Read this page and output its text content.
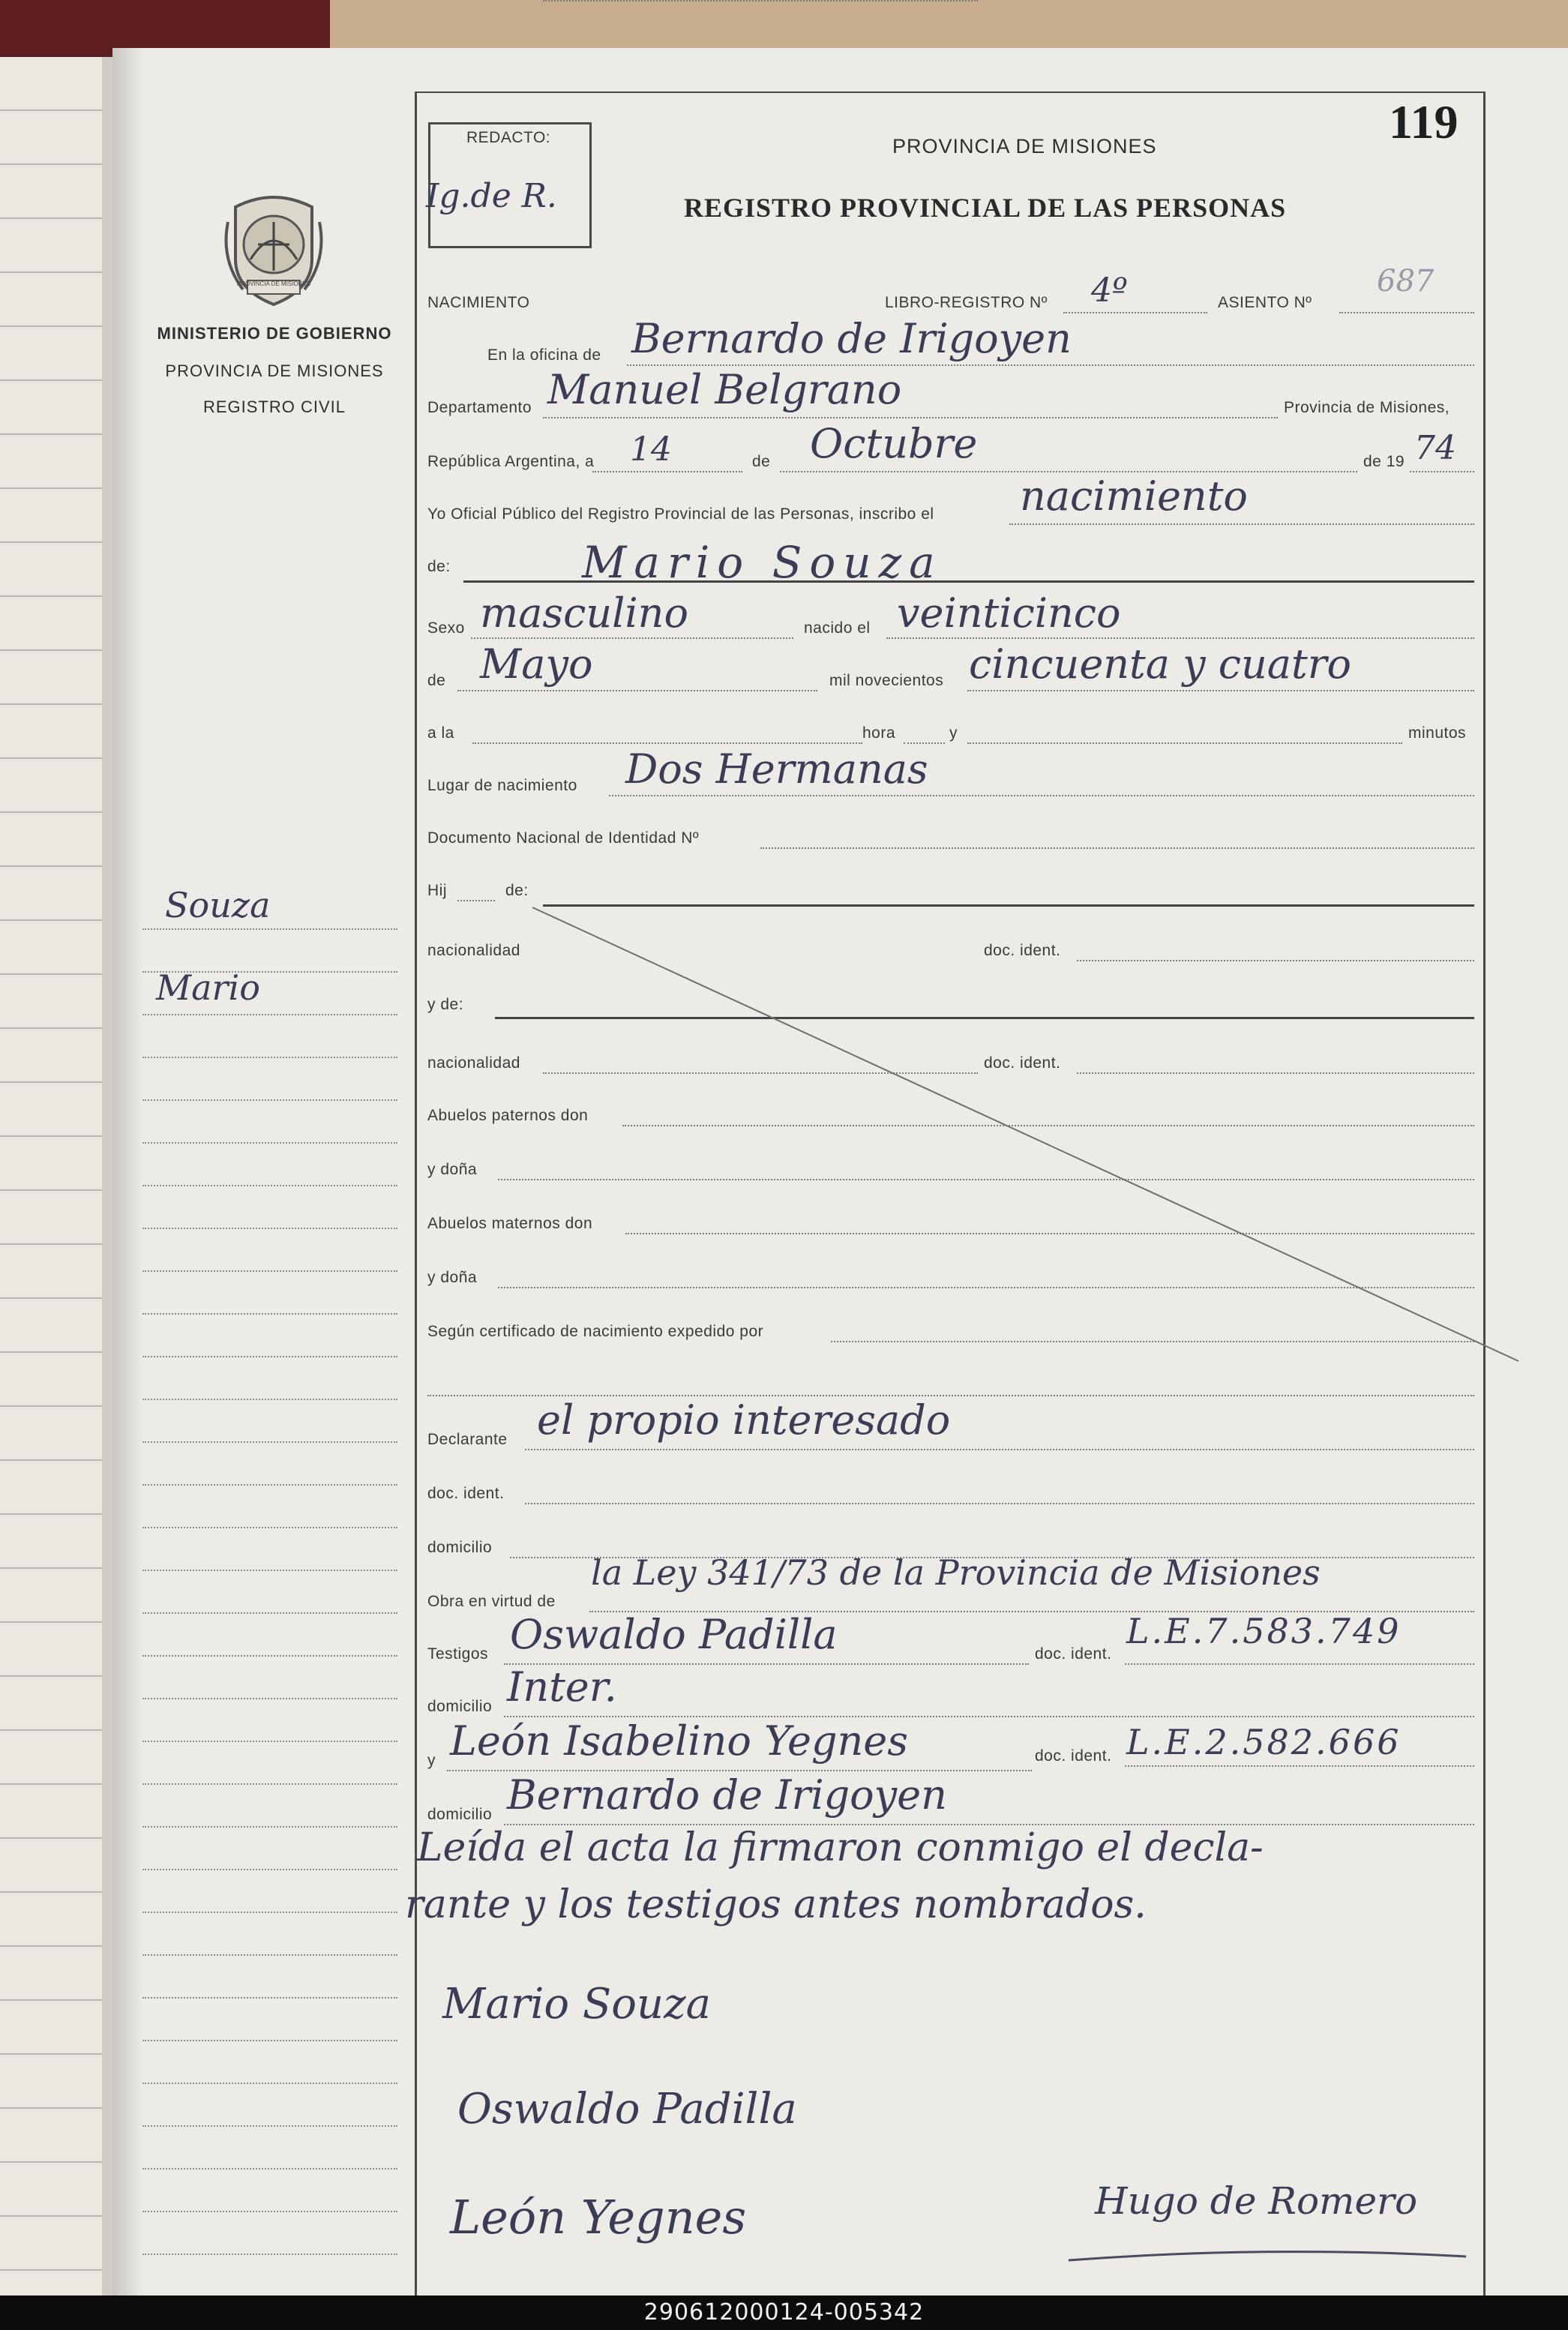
Souza
Mario
PROVINCIA DE MISIONES
MINISTERIO DE GOBIERNO
PROVINCIA DE MISIONES
REGISTRO CIVIL
REDACTO:
Ig.de R.
PROVINCIA DE MISIONES
REGISTRO PROVINCIAL DE LAS PERSONAS
119
NACIMIENTO	LIBRO-REGISTRO Nº 4º	ASIENTO Nº
687
En la oficina de Bernardo de Irigoyen
Departamento Manuel Belgrano	Provincia de Misiones,
República Argentina, a 14	de Octubre	de 19 74
Yo Oficial Público del Registro Provincial de las Personas, inscribo el nacimiento
de:	Mario Souza
Sexo masculino	nacido el veinticinco
de Mayo	mil novecientos cincuenta y cuatro
a la	hora	y	minutos
Lugar de nacimiento Dos Hermanas
Documento Nacional de Identidad Nº
Hij	de:
nacionalidad	doc. ident.
y de:
nacionalidad	doc. ident.
Abuelos paternos don
y doña
Abuelos maternos don
y doña
Según certificado de nacimiento expedido por
Declarante el propio interesado
doc. ident.
domicilio
Obra en virtud de
la Ley 341/73 de la Provincia de Misiones
Testigos Oswaldo Padilla	doc. ident.
L.E.7.583.749
domicilio Inter.
y León Isabelino Yegnes	doc. ident. L.E.2.582.666
domicilio Bernardo de Irigoyen
Leída el acta la firmaron conmigo el decla-
rante y los testigos antes nombrados.
Mario Souza
Oswaldo Padilla
León Yegnes	Hugo de Romero
290612000124-005342
